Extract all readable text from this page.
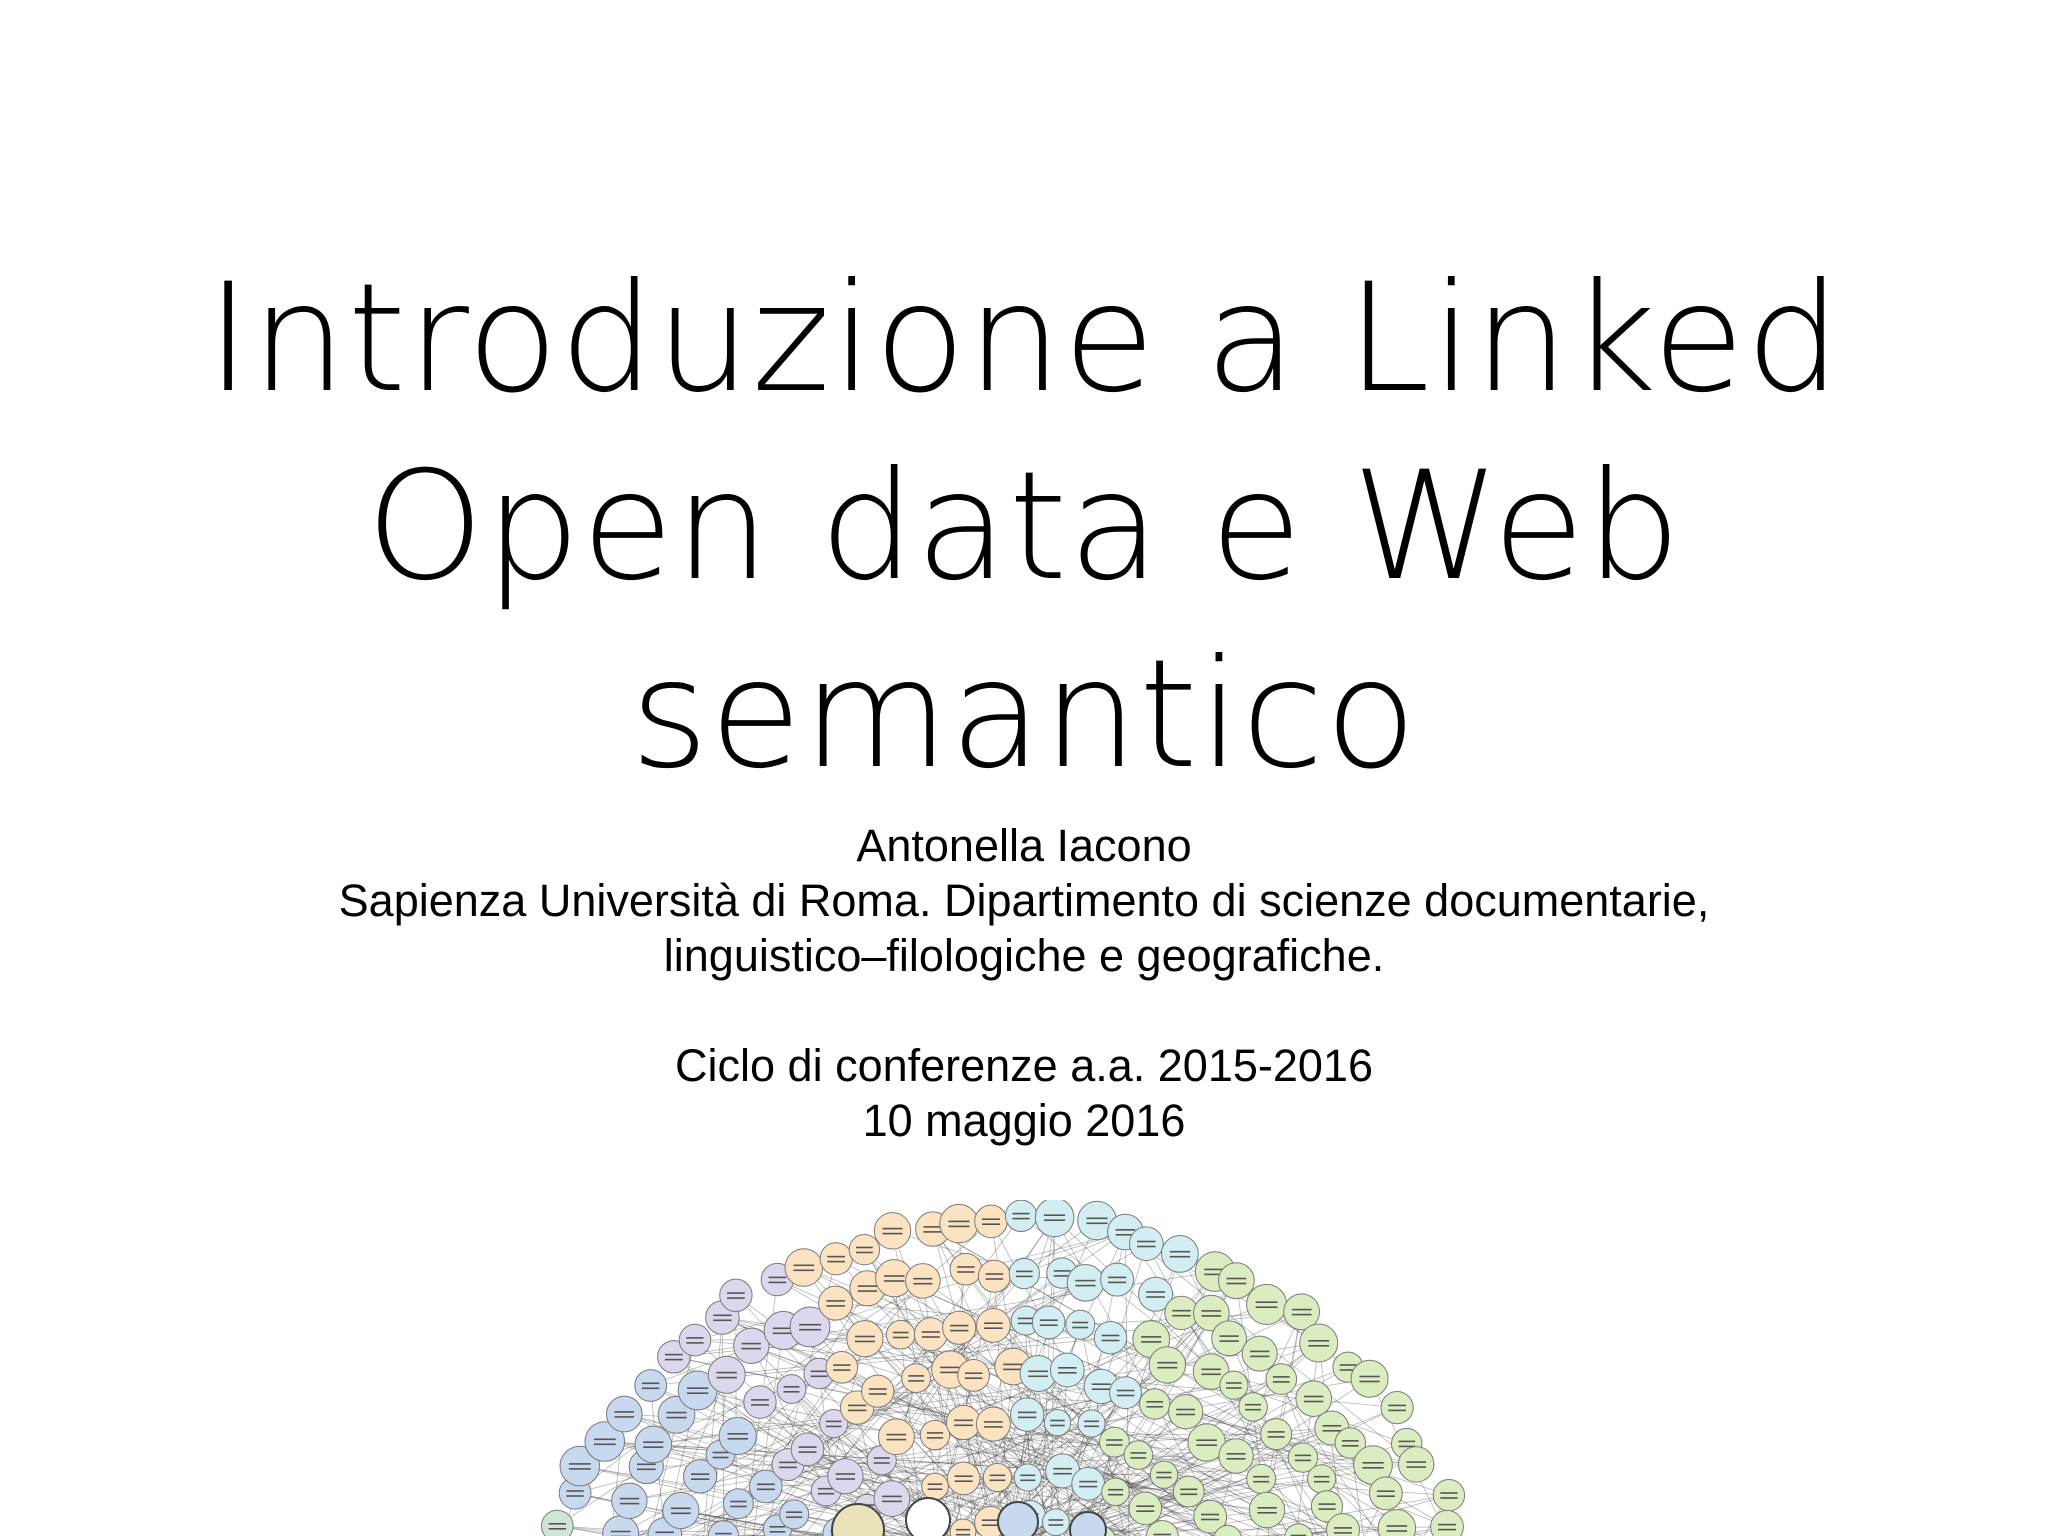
Introduzione a Linked
Open data e Web
semantico
Antonella Iacono
Sapienza Università di Roma. Dipartimento di scienze documentarie,
linguistico–filologiche e geografiche.
Ciclo di conferenze a.a. 2015-2016
10 maggio 2016
